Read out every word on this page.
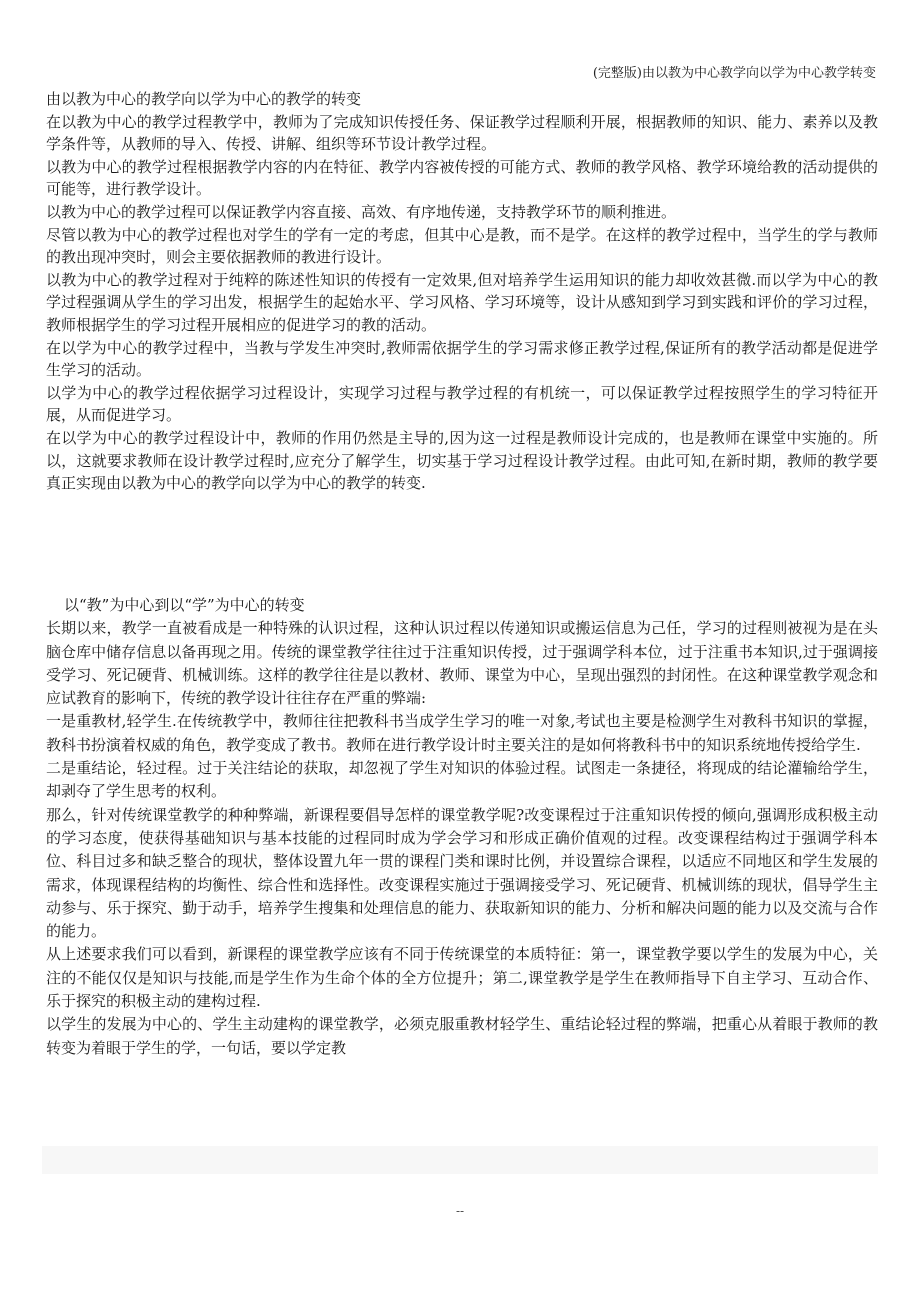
(完整版)由以教为中心教学向以学为中心教学转变
由以教为中心的教学向以学为中心的教学的转变

在以教为中心的教学过程教学中，教师为了完成知识传授任务、保证教学过程顺利开展，根据教师的知识、能力、素养以及教学条件等，从教师的导入、传授、讲解、组织等环节设计教学过程。

以教为中心的教学过程根据教学内容的内在特征、教学内容被传授的可能方式、教师的教学风格、教学环境给教的活动提供的可能等，进行教学设计。

以教为中心的教学过程可以保证教学内容直接、高效、有序地传递，支持教学环节的顺利推进。

尽管以教为中心的教学过程也对学生的学有一定的考虑，但其中心是教，而不是学。在这样的教学过程中，当学生的学与教师的教出现冲突时，则会主要依据教师的教进行设计。

以教为中心的教学过程对于纯粹的陈述性知识的传授有一定效果,但对培养学生运用知识的能力却收效甚微.而以学为中心的教学过程强调从学生的学习出发，根据学生的起始水平、学习风格、学习环境等，设计从感知到学习到实践和评价的学习过程，教师根据学生的学习过程开展相应的促进学习的教的活动。

在以学为中心的教学过程中，当教与学发生冲突时,教师需依据学生的学习需求修正教学过程,保证所有的教学活动都是促进学生学习的活动。

以学为中心的教学过程依据学习过程设计，实现学习过程与教学过程的有机统一，可以保证教学过程按照学生的学习特征开展，从而促进学习。

在以学为中心的教学过程设计中，教师的作用仍然是主导的,因为这一过程是教师设计完成的，也是教师在课堂中实施的。所以，这就要求教师在设计教学过程时,应充分了解学生，切实基于学习过程设计教学过程。由此可知,在新时期，教师的教学要真正实现由以教为中心的教学向以学为中心的教学的转变.

以“教”为中心到以“学”为中心的转变

长期以来，教学一直被看成是一种特殊的认识过程，这种认识过程以传递知识或搬运信息为己任，学习的过程则被视为是在头脑仓库中储存信息以备再现之用。传统的课堂教学往往过于注重知识传授，过于强调学科本位，过于注重书本知识,过于强调接受学习、死记硬背、机械训练。这样的教学往往是以教材、教师、课堂为中心，呈现出强烈的封闭性。在这种课堂教学观念和应试教育的影响下，传统的教学设计往往存在严重的弊端:

一是重教材,轻学生.在传统教学中，教师往往把教科书当成学生学习的唯一对象,考试也主要是检测学生对教科书知识的掌握，教科书扮演着权威的角色，教学变成了教书。教师在进行教学设计时主要关注的是如何将教科书中的知识系统地传授给学生.

二是重结论，轻过程。过于关注结论的获取，却忽视了学生对知识的体验过程。试图走一条捷径，将现成的结论灌输给学生，却剥夺了学生思考的权利。

那么，针对传统课堂教学的种种弊端，新课程要倡导怎样的课堂教学呢?改变课程过于注重知识传授的倾向,强调形成积极主动的学习态度，使获得基础知识与基本技能的过程同时成为学会学习和形成正确价值观的过程。改变课程结构过于强调学科本位、科目过多和缺乏整合的现状，整体设置九年一贯的课程门类和课时比例，并设置综合课程，以适应不同地区和学生发展的需求，体现课程结构的均衡性、综合性和选择性。改变课程实施过于强调接受学习、死记硬背、机械训练的现状，倡导学生主动参与、乐于探究、勤于动手，培养学生搜集和处理信息的能力、获取新知识的能力、分析和解决问题的能力以及交流与合作的能力。

从上述要求我们可以看到，新课程的课堂教学应该有不同于传统课堂的本质特征：第一，课堂教学要以学生的发展为中心，关注的不能仅仅是知识与技能,而是学生作为生命个体的全方位提升；第二,课堂教学是学生在教师指导下自主学习、互动合作、乐于探究的积极主动的建构过程.

以学生的发展为中心的、学生主动建构的课堂教学，必须克服重教材轻学生、重结论轻过程的弊端，把重心从着眼于教师的教转变为着眼于学生的学，一句话，要以学定教

--
